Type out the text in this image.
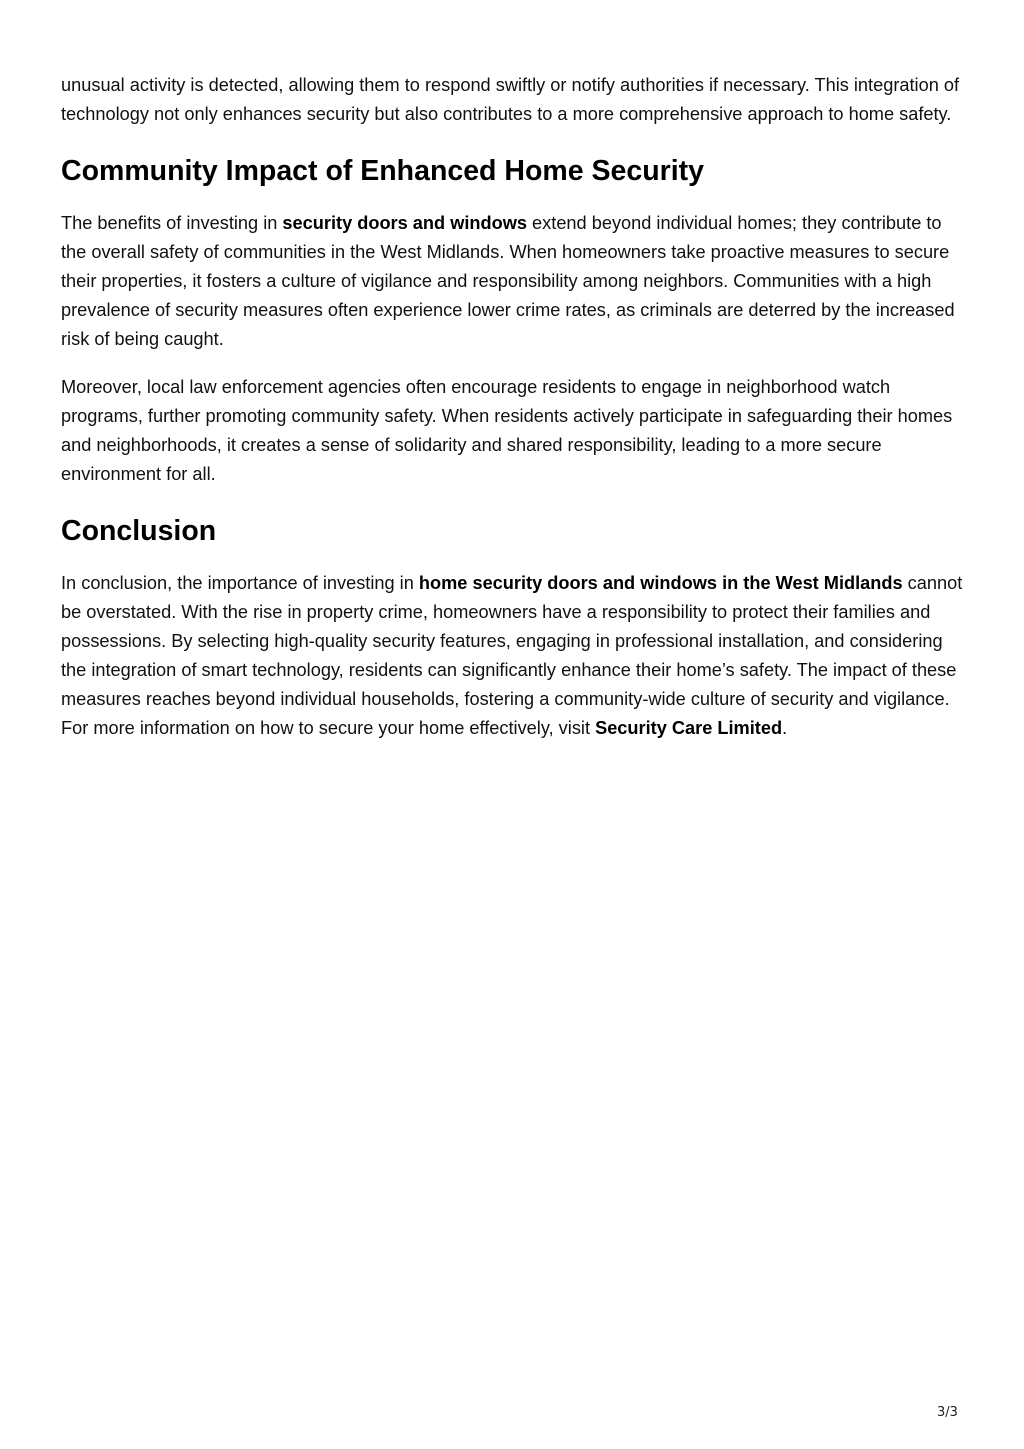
unusual activity is detected, allowing them to respond swiftly or notify authorities if necessary. This integration of technology not only enhances security but also contributes to a more comprehensive approach to home safety.

Community Impact of Enhanced Home Security

The benefits of investing in security doors and windows extend beyond individual homes; they contribute to the overall safety of communities in the West Midlands. When homeowners take proactive measures to secure their properties, it fosters a culture of vigilance and responsibility among neighbors. Communities with a high prevalence of security measures often experience lower crime rates, as criminals are deterred by the increased risk of being caught.

Moreover, local law enforcement agencies often encourage residents to engage in neighborhood watch programs, further promoting community safety. When residents actively participate in safeguarding their homes and neighborhoods, it creates a sense of solidarity and shared responsibility, leading to a more secure environment for all.

Conclusion

In conclusion, the importance of investing in home security doors and windows in the West Midlands cannot be overstated. With the rise in property crime, homeowners have a responsibility to protect their families and possessions. By selecting high-quality security features, engaging in professional installation, and considering the integration of smart technology, residents can significantly enhance their home’s safety. The impact of these measures reaches beyond individual households, fostering a community-wide culture of security and vigilance. For more information on how to secure your home effectively, visit Security Care Limited.

3/3
